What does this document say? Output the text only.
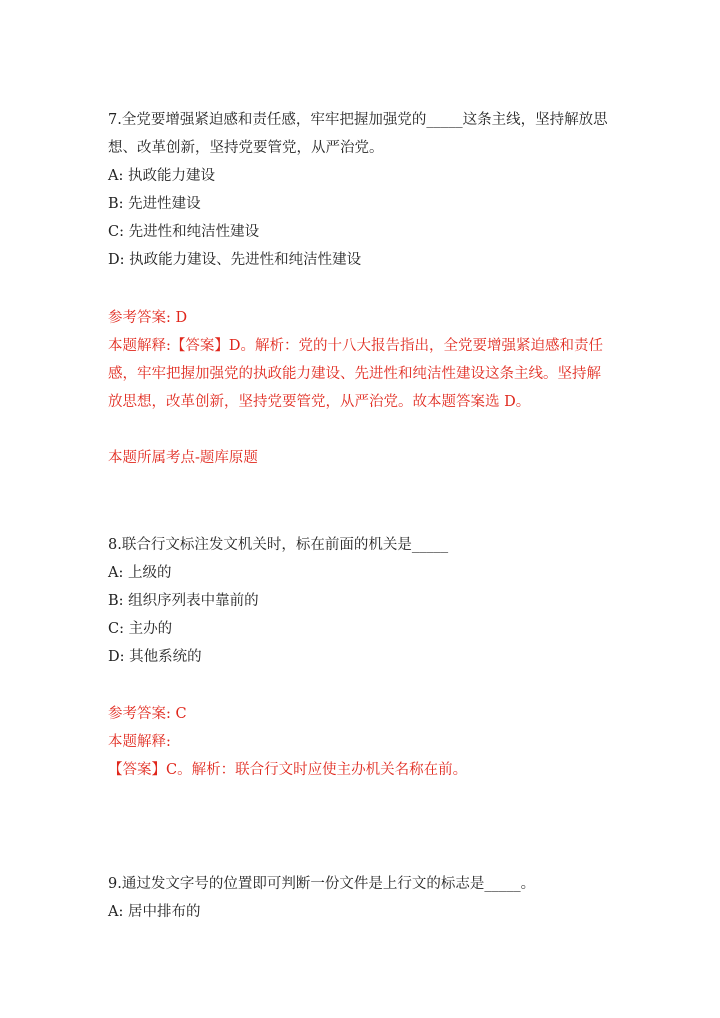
7.全党要增强紧迫感和责任感，牢牢把握加强党的_____这条主线，坚持解放思
想、改革创新，坚持党要管党，从严治党。
A: 执政能力建设
B: 先进性建设
C: 先进性和纯洁性建设
D: 执政能力建设、先进性和纯洁性建设
参考答案: D
本题解释:【答案】D。解析：党的十八大报告指出，全党要增强紧迫感和责任
感，牢牢把握加强党的执政能力建设、先进性和纯洁性建设这条主线。坚持解
放思想，改革创新，坚持党要管党，从严治党。故本题答案选 D。
本题所属考点-题库原题
8.联合行文标注发文机关时，标在前面的机关是_____
A: 上级的
B: 组织序列表中靠前的
C: 主办的
D: 其他系统的
参考答案: C
本题解释:
【答案】C。解析：联合行文时应使主办机关名称在前。
9.通过发文字号的位置即可判断一份文件是上行文的标志是_____。
A: 居中排布的
